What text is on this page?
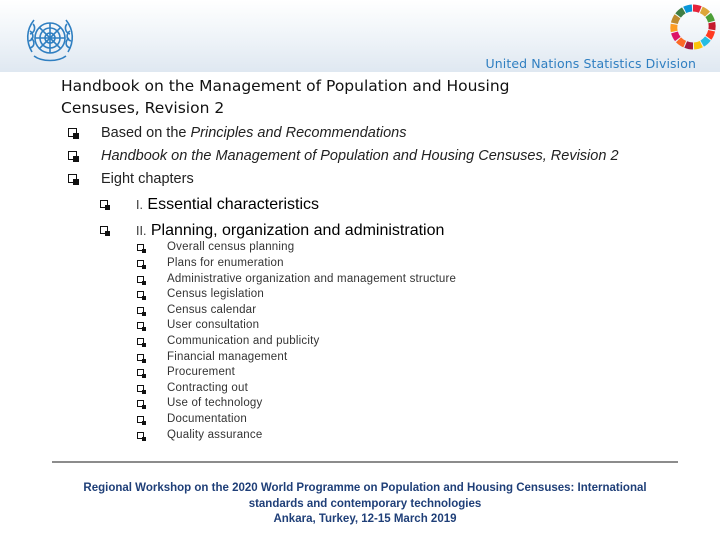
United Nations Statistics Division
Handbook on the Management of Population and Housing
Censuses, Revision 2
Based on the Principles and Recommendations
Handbook on the Management of Population and Housing Censuses, Revision 2
Eight chapters
I. Essential characteristics
II. Planning, organization and administration
Overall census planning
Plans for enumeration
Administrative organization and management structure
Census legislation
Census calendar
User consultation
Communication and publicity
Financial management
Procurement
Contracting out
Use of technology
Documentation
Quality assurance
Regional Workshop on the 2020 World Programme on Population and Housing Censuses: International
standards and contemporary technologies
Ankara, Turkey, 12-15 March 2019
